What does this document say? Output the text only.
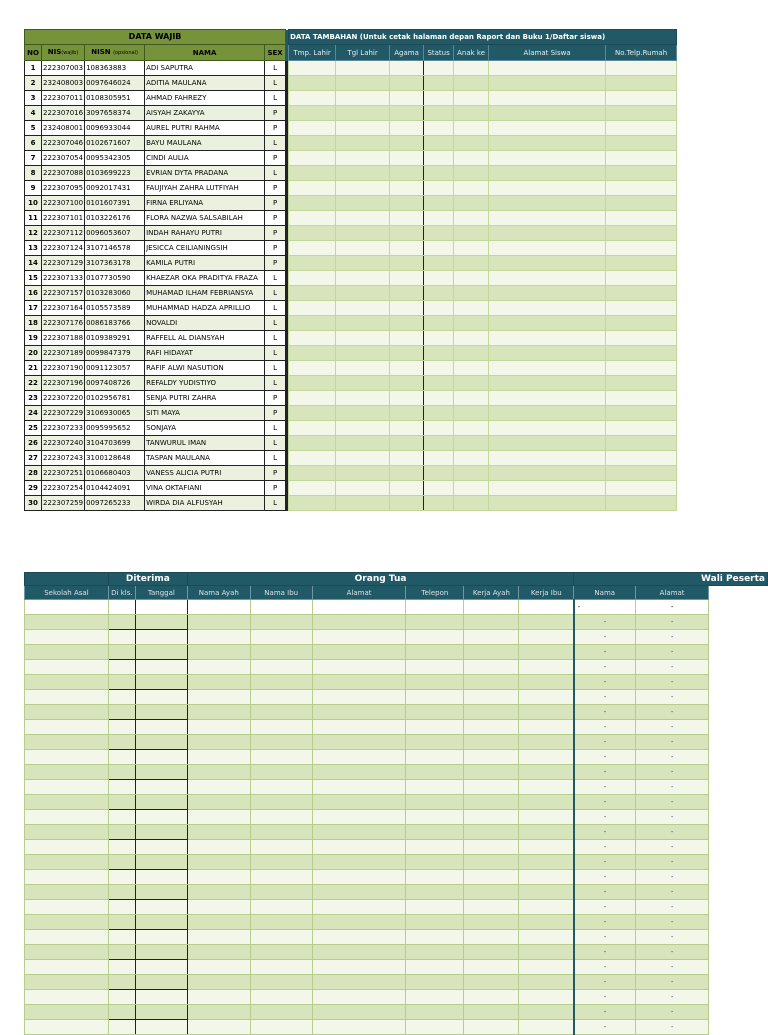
DATA WAJIB						DATA TAMBAHAN (Untuk cetak halaman depan Raport dan Buku 1/Daftar siswa)						
NO	NIS(wajib)	NISN (opsional)	NAMA	SEX		Tmp. Lahir	Tgl Lahir	Agama	Status	Anak ke	Alamat Siswa	No.Telp.Rumah
1	222307003	108363883	ADI SAPUTRA	L								
2	232408003	0097646024	ADITIA MAULANA	L								
3	222307011	0108305951	AHMAD FAHREZY	L								
4	222307016	3097658374	AISYAH ZAKAYYA	P								
5	232408001	0096933044	AUREL PUTRI RAHMA	P								
6	222307046	0102671607	BAYU MAULANA	L								
7	222307054	0095342305	CINDI AULIA	P								
8	222307088	0103699223	EVRIAN DYTA PRADANA	L								
9	222307095	0092017431	FAUJIYAH ZAHRA LUTFIYAH	P								
10	222307100	0101607391	FIRNA ERLIYANA	P								
11	222307101	0103226176	FLORA NAZWA SALSABILAH	P								
12	222307112	0096053607	INDAH RAHAYU PUTRI	P								
13	222307124	3107146578	JESICCA CEILIANINGSIH	P								
14	222307129	3107363178	KAMILA PUTRI	P								
15	222307133	0107730590	KHAEZAR OKA PRADITYA FRAZA	L								
16	222307157	0103283060	MUHAMAD ILHAM FEBRIANSYA	L								
17	222307164	0105573589	MUHAMMAD HADZA APRILLIO	L								
18	222307176	0086183766	NOVALDI	L								
19	222307188	0109389291	RAFFELL AL DIANSYAH	L								
20	222307189	0099847379	RAFI HIDAYAT	L								
21	222307190	0091123057	RAFIF ALWI NASUTION	L								
22	222307196	0097408726	REFALDY YUDISTIYO	L								
23	222307220	0102956781	SENJA PUTRI ZAHRA	P								
24	222307229	3106930065	SITI MAYA	P								
25	222307233	0095995652	SONJAYA	L								
26	222307240	3104703699	TANWURUL IMAN	L								
27	222307243	3100128648	TASPAN MAULANA	L								
28	222307251	0106680403	VANESS ALICIA PUTRI	P								
29	222307254	0104424091	VINA OKTAFIANI	P								
30	222307259	0097265233	WIRDA DIA ALFUSYAH	L								
	Diterima		Orang Tua						Wali Peserta		
Sekolah Asal	Di kls.	Tanggal	Nama Ayah	Nama Ibu	Alamat	Telepon	Kerja Ayah	Kerja Ibu	Nama	Alamat	
									-	-	
									-	-	
									-	-	
									-	-	
									-	-	
									-	-	
									-	-	
									-	-	
									-	-	
									-	-	
									-	-	
									-	-	
									-	-	
									-	-	
									-	-	
									-	-	
									-	-	
									-	-	
									-	-	
									-	-	
									-	-	
									-	-	
									-	-	
									-	-	
									-	-	
									-	-	
									-	-	
									-	-	
									-	-	
